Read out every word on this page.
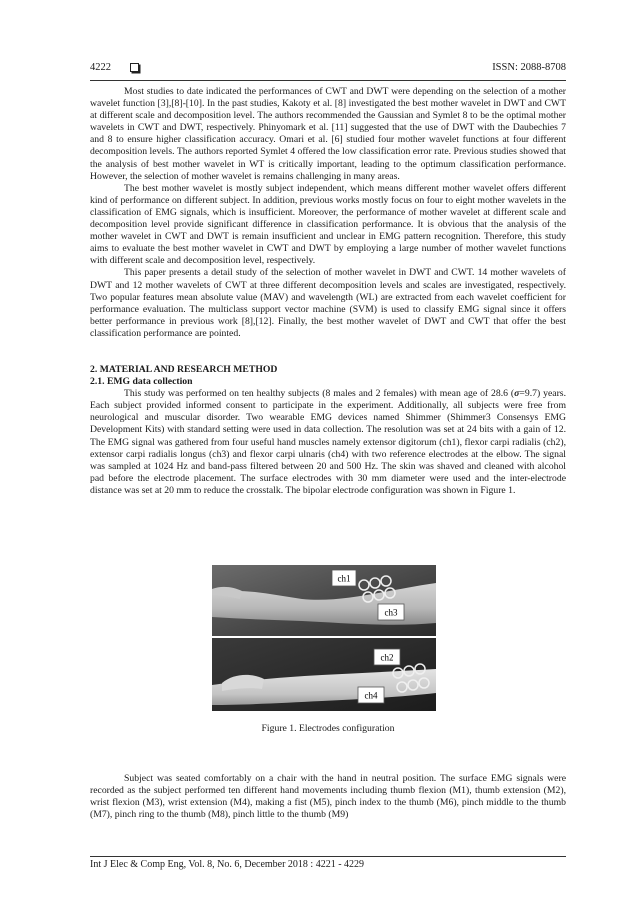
4222	ISSN: 2088-8708

Most studies to date indicated the performances of CWT and DWT were depending on the selection of a mother wavelet function [3],[8]-[10]. In the past studies, Kakoty et al. [8] investigated the best mother wavelet in DWT and CWT at different scale and decomposition level. The authors recommended the Gaussian and Symlet 8 to be the optimal mother wavelets in CWT and DWT, respectively. Phinyomark et al. [11] suggested that the use of DWT with the Daubechies 7 and 8 to ensure higher classification accuracy. Omari et al. [6] studied four mother wavelet functions at four different decomposition levels. The authors reported Symlet 4 offered the low classification error rate. Previous studies showed that the analysis of best mother wavelet in WT is critically important, leading to the optimum classification performance. However, the selection of mother wavelet is remains challenging in many areas.

The best mother wavelet is mostly subject independent, which means different mother wavelet offers different kind of performance on different subject. In addition, previous works mostly focus on four to eight mother wavelets in the classification of EMG signals, which is insufficient. Moreover, the performance of mother wavelet at different scale and decomposition level provide significant difference in classification performance. It is obvious that the analysis of the mother wavelet in CWT and DWT is remain insufficient and unclear in EMG pattern recognition. Therefore, this study aims to evaluate the best mother wavelet in CWT and DWT by employing a large number of mother wavelet functions with different scale and decomposition level, respectively.

This paper presents a detail study of the selection of mother wavelet in DWT and CWT. 14 mother wavelets of DWT and 12 mother wavelets of CWT at three different decomposition levels and scales are investigated, respectively. Two popular features mean absolute value (MAV) and wavelength (WL) are extracted from each wavelet coefficient for performance evaluation. The multiclass support vector machine (SVM) is used to classify EMG signal since it offers better performance in previous work [8],[12]. Finally, the best mother wavelet of DWT and CWT that offer the best classification performance are pointed.

2. MATERIAL AND RESEARCH METHOD

2.1. EMG data collection

This study was performed on ten healthy subjects (8 males and 2 females) with mean age of 28.6 (σ=9.7) years. Each subject provided informed consent to participate in the experiment. Additionally, all subjects were free from neurological and muscular disorder. Two wearable EMG devices named Shimmer (Shimmer3 Consensys EMG Development Kits) with standard setting were used in data collection. The resolution was set at 24 bits with a gain of 12. The EMG signal was gathered from four useful hand muscles namely extensor digitorum (ch1), flexor carpi radialis (ch2), extensor carpi radialis longus (ch3) and flexor carpi ulnaris (ch4) with two reference electrodes at the elbow. The signal was sampled at 1024 Hz and band-pass filtered between 20 and 500 Hz. The skin was shaved and cleaned with alcohol pad before the electrode placement. The surface electrodes with 30 mm diameter were used and the inter-electrode distance was set at 20 mm to reduce the crosstalk. The bipolar electrode configuration was shown in Figure 1.

ch1
ch3
ch2
ch4
Figure 1. Electrodes configuration

Subject was seated comfortably on a chair with the hand in neutral position. The surface EMG signals were recorded as the subject performed ten different hand movements including thumb flexion (M1), thumb extension (M2), wrist flexion (M3), wrist extension (M4), making a fist (M5), pinch index to the thumb (M6), pinch middle to the thumb (M7), pinch ring to the thumb (M8), pinch little to the thumb (M9)

Int J Elec & Comp Eng, Vol. 8, No. 6, December 2018 : 4221 - 4229
